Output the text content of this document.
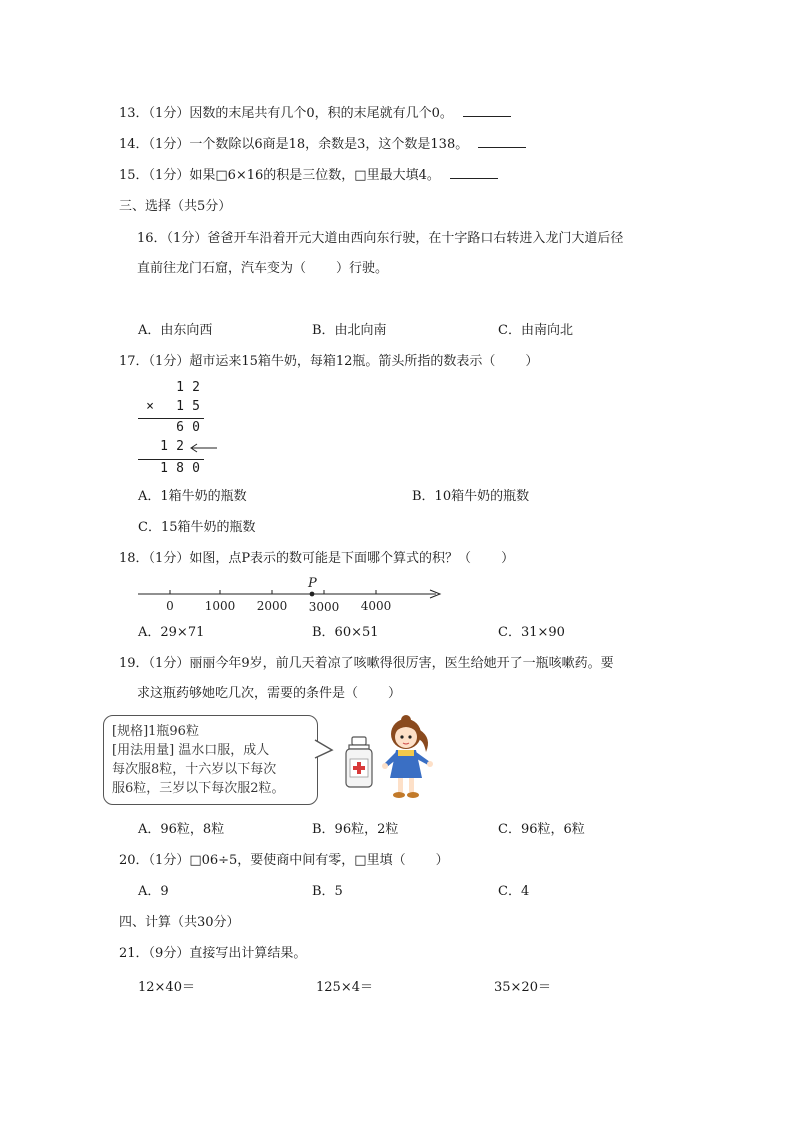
13．（1分）因数的末尾共有几个0，积的末尾就有几个0。
14．（1分）一个数除以6商是18，余数是3，这个数是138。
15．（1分）如果□6×16的积是三位数，□里最大填4。
三、选择（共5分）
16．（1分）爸爸开车沿着开元大道由西向东行驶，在十字路口右转进入龙门大道后径
直前往龙门石窟，汽车变为（ ）行驶。
A．由东向西	B．由北向南	C．由南向北
17．（1分）超市运来15箱牛奶，每箱12瓶。箭头所指的数表示（ ）
1 2
× 1 5
6 0
1 2
1 8 0
A．1箱牛奶的瓶数	B．10箱牛奶的瓶数
C．15箱牛奶的瓶数
18．（1分）如图，点P表示的数可能是下面哪个算式的积？（ ）
P
0	1000 2000 3000 4000
A．29×71	B．60×51	C．31×90
19．（1分）丽丽今年9岁，前几天着凉了咳嗽得很厉害，医生给她开了一瓶咳嗽药。要
求这瓶药够她吃几次，需要的条件是（ ）
[规格]1瓶96粒
[用法用量] 温水口服，成人
每次服8粒，十六岁以下每次
服6粒，三岁以下每次服2粒。
A．96粒，8粒	B．96粒，2粒	C．96粒，6粒
20．（1分）□06÷5，要使商中间有零，□里填（ ）
A．9	B．5	C．4
四、计算（共30分）
21．（9分）直接写出计算结果。
12×40＝	125×4＝	35×20＝
